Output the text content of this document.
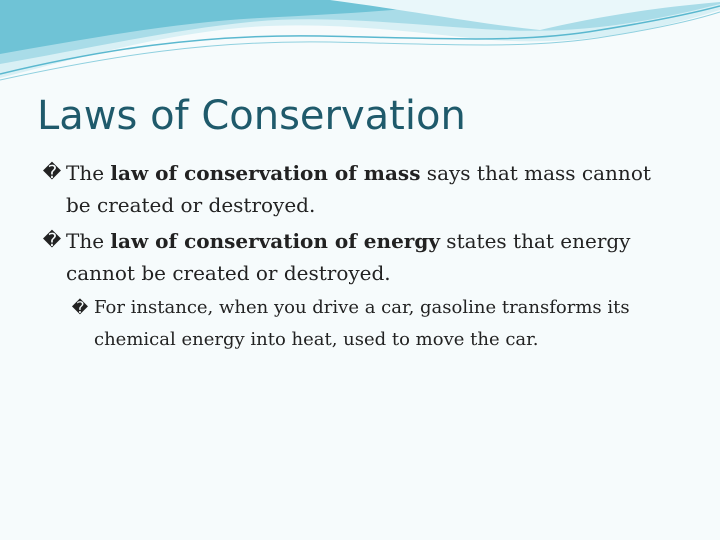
Laws of Conservation
� The law of conservation of mass says that mass cannot be created or destroyed.
� The law of conservation of energy states that energy cannot be created or destroyed.
� For instance, when you drive a car, gasoline transforms its chemical energy into heat, used to move the car.
